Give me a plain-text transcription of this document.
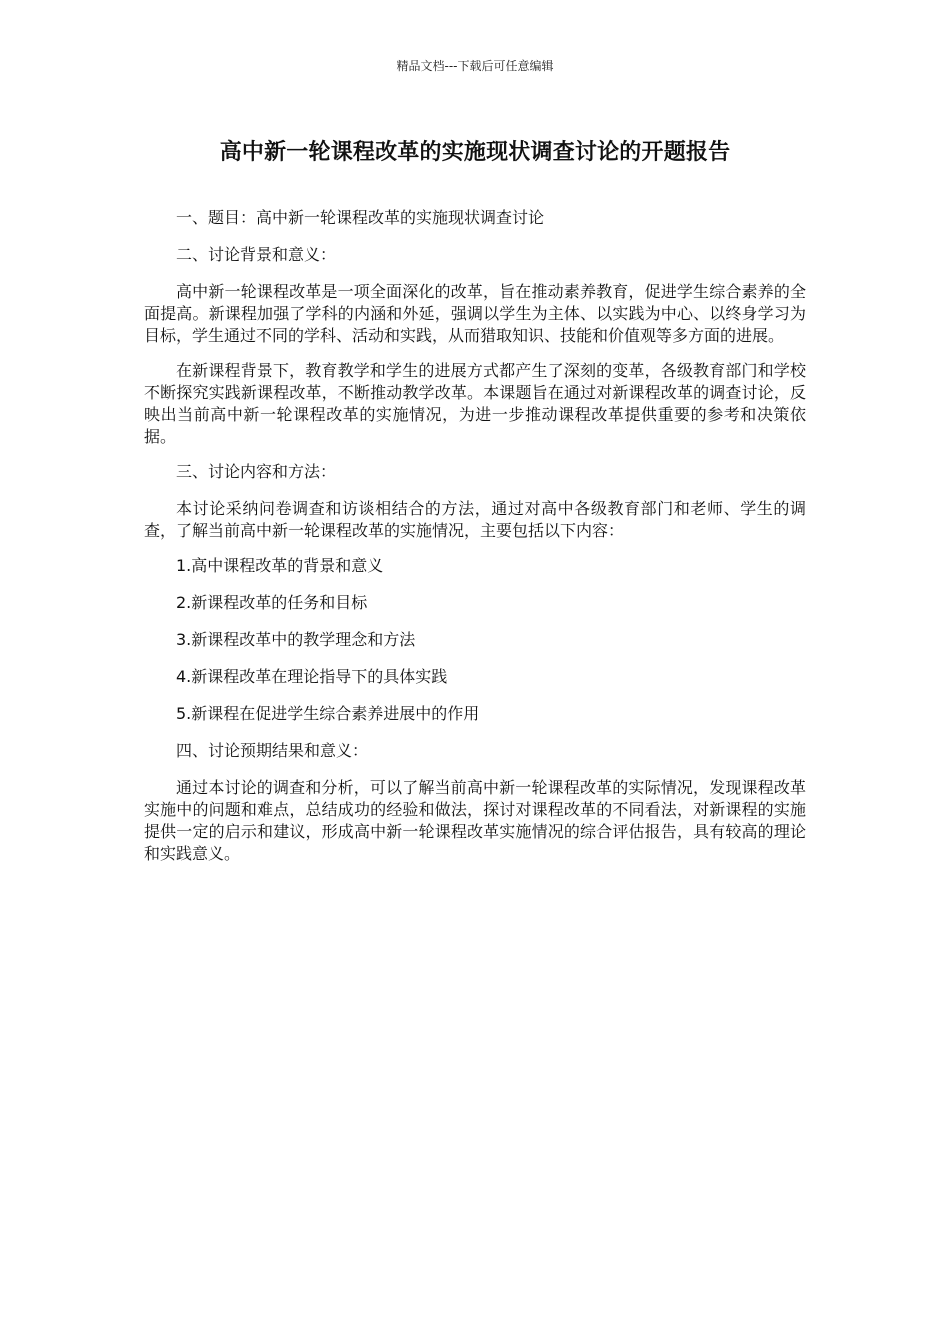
精品文档---下载后可任意编辑
高中新一轮课程改革的实施现状调查讨论的开题报告

一、题目：高中新一轮课程改革的实施现状调查讨论

二、讨论背景和意义：

高中新一轮课程改革是一项全面深化的改革，旨在推动素养教育，促进学生综合素养的全面提高。新课程加强了学科的内涵和外延，强调以学生为主体、以实践为中心、以终身学习为目标，学生通过不同的学科、活动和实践，从而猎取知识、技能和价值观等多方面的进展。

在新课程背景下，教育教学和学生的进展方式都产生了深刻的变革，各级教育部门和学校不断探究实践新课程改革，不断推动教学改革。本课题旨在通过对新课程改革的调查讨论，反映出当前高中新一轮课程改革的实施情况，为进一步推动课程改革提供重要的参考和决策依据。

三、讨论内容和方法：

本讨论采纳问卷调查和访谈相结合的方法，通过对高中各级教育部门和老师、学生的调查，了解当前高中新一轮课程改革的实施情况，主要包括以下内容：

1.高中课程改革的背景和意义

2.新课程改革的任务和目标

3.新课程改革中的教学理念和方法

4.新课程改革在理论指导下的具体实践

5.新课程在促进学生综合素养进展中的作用

四、讨论预期结果和意义：

通过本讨论的调查和分析，可以了解当前高中新一轮课程改革的实际情况，发现课程改革实施中的问题和难点，总结成功的经验和做法，探讨对课程改革的不同看法，对新课程的实施提供一定的启示和建议，形成高中新一轮课程改革实施情况的综合评估报告，具有较高的理论和实践意义。
